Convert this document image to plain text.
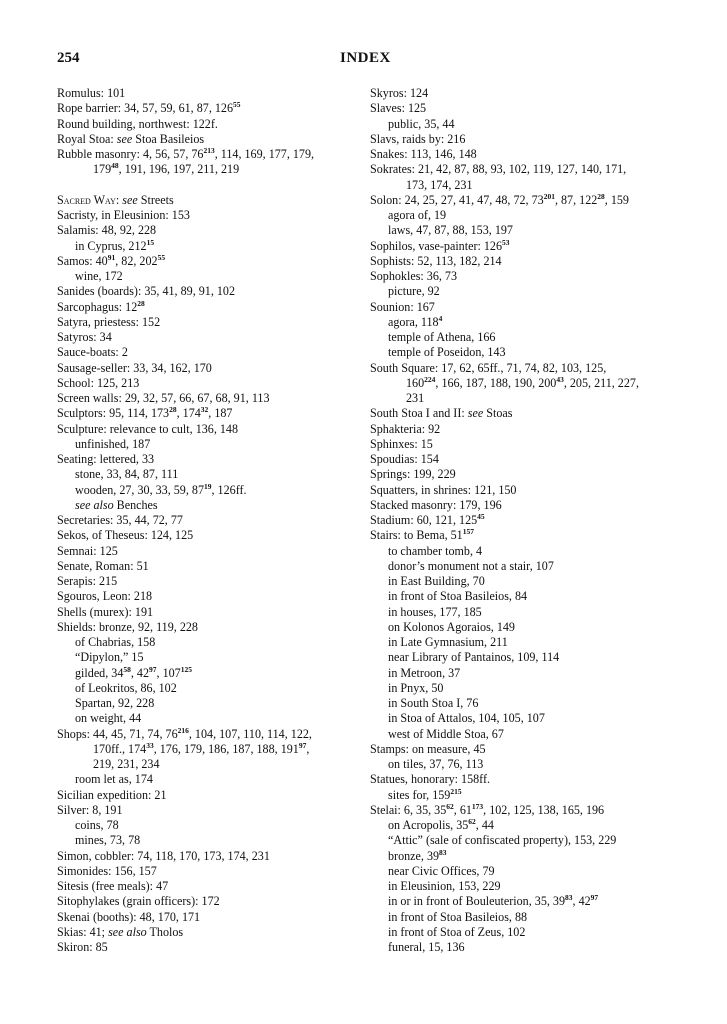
254	INDEX
Romulus: 101
Rope barrier: 34, 57, 59, 61, 87, $126^{55}$
Round building, northwest: 122f.
Royal Stoa: see Stoa Basileios
Rubble masonry: 4, 56, 57, $76^{213}$, 114, 169, 177, 179,
$179^{48}$, 191, 196, 197, 211, 219
Sacred Way: see Streets
Sacristy, in Eleusinion: 153
Salamis: 48, 92, 228
in Cyprus, $212^{15}$
Samos: $40^{91}$, 82, $202^{55}$
wine, 172
Sanides (boards): 35, 41, 89, 91, 102
Sarcophagus: $12^{28}$
Satyra, priestess: 152
Satyros: 34
Sauce-boats: 2
Sausage-seller: 33, 34, 162, 170
School: 125, 213
Screen walls: 29, 32, 57, 66, 67, 68, 91, 113
Sculptors: 95, 114, $173^{28}$, $174^{32}$, 187
Sculpture: relevance to cult, 136, 148
unfinished, 187
Seating: lettered, 33
stone, 33, 84, 87, 111
wooden, 27, 30, 33, 59, $87^{19}$, 126ff.
see also Benches
Secretaries: 35, 44, 72, 77
Sekos, of Theseus: 124, 125
Semnai: 125
Senate, Roman: 51
Serapis: 215
Sgouros, Leon: 218
Shells (murex): 191
Shields: bronze, 92, 119, 228
of Chabrias, 158
“Dipylon,” 15
gilded, $34^{58}$, $42^{97}$, $107^{125}$
of Leokritos, 86, 102
Spartan, 92, 228
on weight, 44
Shops: 44, 45, 71, 74, $76^{216}$, 104, 107, 110, 114, 122,
170ff., $174^{33}$, 176, 179, 186, 187, 188, $191^{97}$,
219, 231, 234
room let as, 174
Sicilian expedition: 21
Silver: 8, 191
coins, 78
mines, 73, 78
Simon, cobbler: 74, 118, 170, 173, 174, 231
Simonides: 156, 157
Sitesis (free meals): 47
Sitophylakes (grain officers): 172
Skenai (booths): 48, 170, 171
Skias: 41; see also Tholos
Skiron: 85
Skyros: 124
Slaves: 125
public, 35, 44
Slavs, raids by: 216
Snakes: 113, 146, 148
Sokrates: 21, 42, 87, 88, 93, 102, 119, 127, 140, 171,
173, 174, 231
Solon: 24, 25, 27, 41, 47, 48, 72, $73^{201}$, 87, $122^{28}$, 159
agora of, 19
laws, 47, 87, 88, 153, 197
Sophilos, vase-painter: $126^{53}$
Sophists: 52, 113, 182, 214
Sophokles: 36, 73
picture, 92
Sounion: 167
agora, $118^4$
temple of Athena, 166
temple of Poseidon, 143
South Square: 17, 62, 65ff., 71, 74, 82, 103, 125,
$160^{224}$, 166, 187, 188, 190, $200^{43}$, 205, 211, 227,
231
South Stoa I and II: see Stoas
Sphakteria: 92
Sphinxes: 15
Spoudias: 154
Springs: 199, 229
Squatters, in shrines: 121, 150
Stacked masonry: 179, 196
Stadium: 60, 121, $125^{45}$
Stairs: to Bema, $51^{157}$
to chamber tomb, 4
donor’s monument not a stair, 107
in East Building, 70
in front of Stoa Basileios, 84
in houses, 177, 185
on Kolonos Agoraios, 149
in Late Gymnasium, 211
near Library of Pantainos, 109, 114
in Metroon, 37
in Pnyx, 50
in South Stoa I, 76
in Stoa of Attalos, 104, 105, 107
west of Middle Stoa, 67
Stamps: on measure, 45
on tiles, 37, 76, 113
Statues, honorary: 158ff.
sites for, $159^{215}$
Stelai: 6, 35, $35^{62}$, $61^{173}$, 102, 125, 138, 165, 196
on Acropolis, $35^{62}$, 44
“Attic” (sale of confiscated property), 153, 229
bronze, $39^{83}$
near Civic Offices, 79
in Eleusinion, 153, 229
in or in front of Bouleuterion, 35, $39^{83}$, $42^{97}$
in front of Stoa Basileios, 88
in front of Stoa of Zeus, 102
funeral, 15, 136
